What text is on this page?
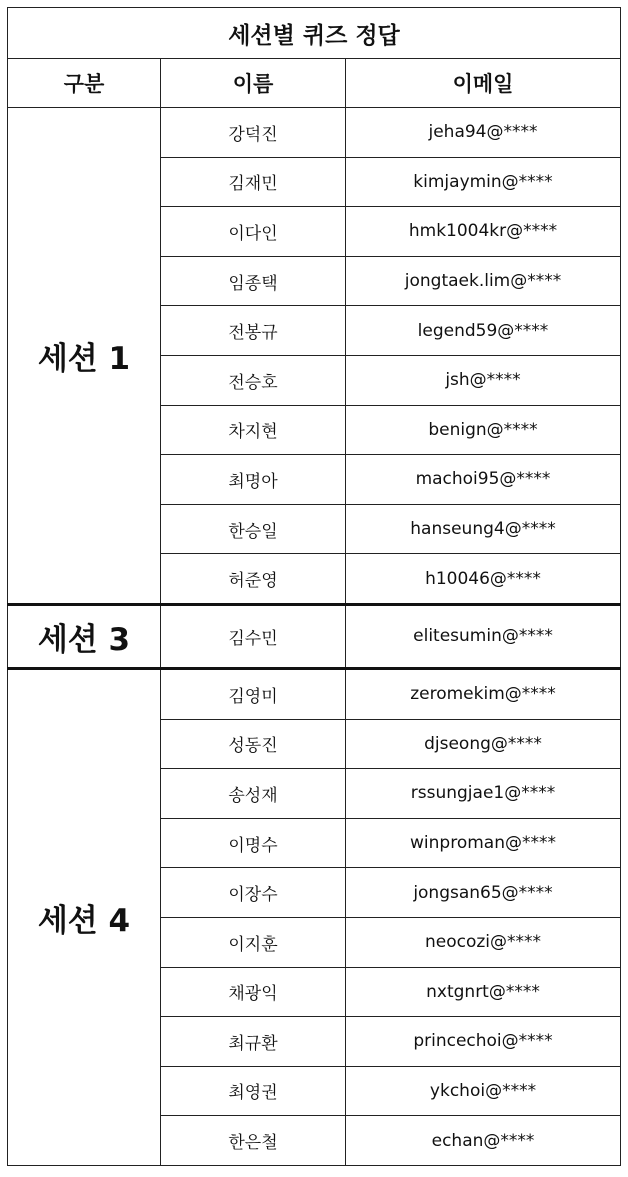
세션별 퀴즈 정답		
구분	이름	이메일
세션 1	강덕진	jeha94@****
	김재민	kimjaymin@****
	이다인	hmk1004kr@****
	임종택	jongtaek.lim@****
	전봉규	legend59@****
	전승호	jsh@****
	차지현	benign@****
	최명아	machoi95@****
	한승일	hanseung4@****
	허준영	h10046@****
세션 3	김수민	elitesumin@****
세션 4	김영미	zeromekim@****
	성동진	djseong@****
	송성재	rssungjae1@****
	이명수	winproman@****
	이장수	jongsan65@****
	이지훈	neocozi@****
	채광익	nxtgnrt@****
	최규환	princechoi@****
	최영권	ykchoi@****
	한은철	echan@****
